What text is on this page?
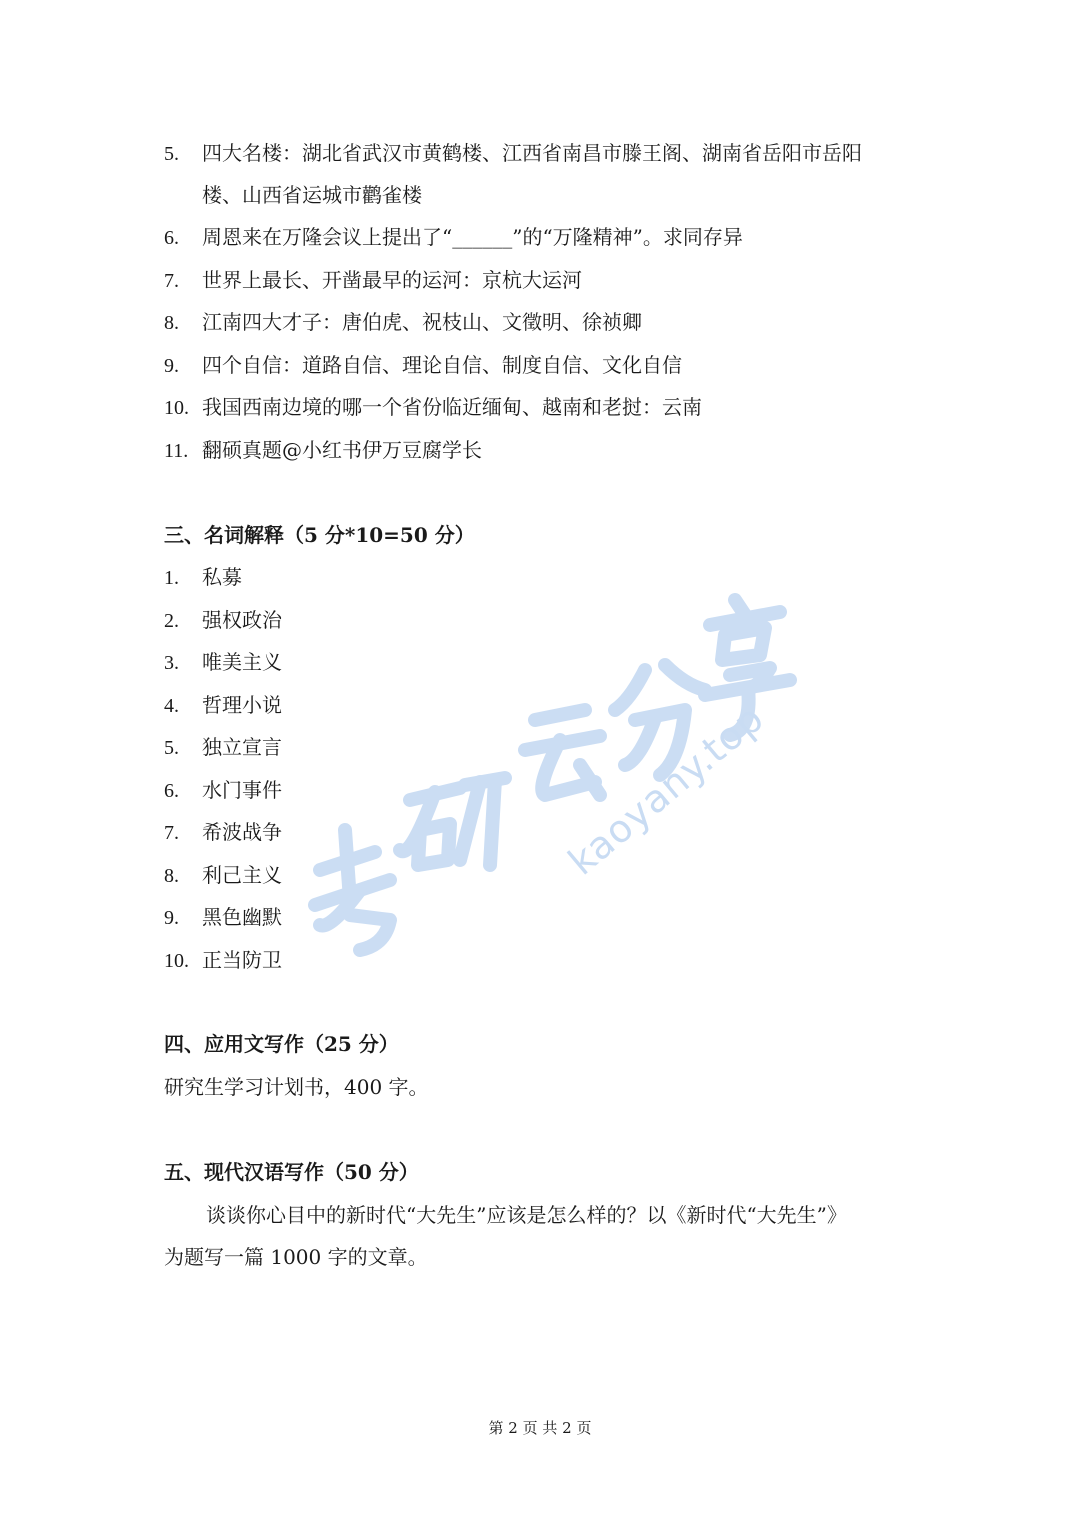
5. 四大名楼：湖北省武汉市黄鹤楼、江西省南昌市滕王阁、湖南省岳阳市岳阳
楼、山西省运城市鹳雀楼
6. 周恩来在万隆会议上提出了“______”的“万隆精神”。求同存异
7. 世界上最长、开凿最早的运河：京杭大运河
8. 江南四大才子：唐伯虎、祝枝山、文徵明、徐祯卿
9. 四个自信：道路自信、理论自信、制度自信、文化自信
10. 我国西南边境的哪一个省份临近缅甸、越南和老挝：云南
11. 翻硕真题@小红书伊万豆腐学长
三、名词解释（5 分*10=50 分）
1. 私募
2. 强权政治
3. 唯美主义
4. 哲理小说
5. 独立宣言
6. 水门事件
7. 希波战争
8. 利己主义
9. 黑色幽默
10. 正当防卫
四、应用文写作（25 分）
研究生学习计划书，400 字。
五、现代汉语写作（50 分）
谈谈你心目中的新时代“大先生”应该是怎么样的？以《新时代“大先生”》
为题写一篇 1000 字的文章。
第 2 页 共 2 页
kaoyany.top
